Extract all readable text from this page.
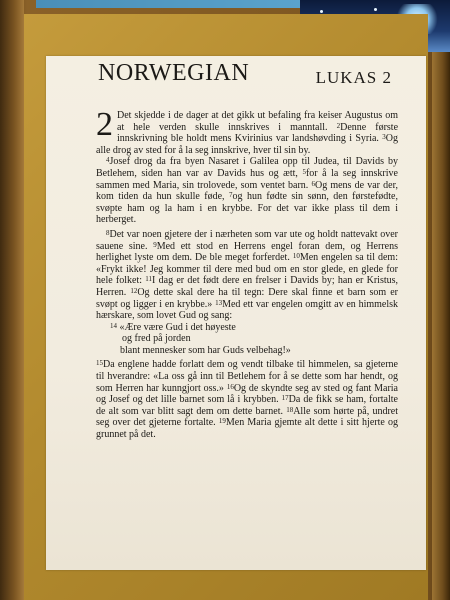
NORWEGIAN	LUKAS 2

2 Det skjedde i de dager at det gikk ut befaling fra keiser Augustus om at hele verden skulle innskrives i manntall. $^2$Denne første innskrivning ble holdt mens Kvirinius var landshøvding i Syria. $^3$Og alle drog av sted for å la seg innskrive, hver til sin by.

$^4$Josef drog da fra byen Nasaret i Galilea opp til Judea, til Davids by Betlehem, siden han var av Davids hus og ætt, $^5$for å la seg innskrive sammen med Maria, sin trolovede, som ventet barn. $^6$Og mens de var der, kom tiden da hun skulle føde, $^7$og hun fødte sin sønn, den førstefødte, svøpte ham og la ham i en krybbe. For det var ikke plass til dem i herberget.

$^8$Det var noen gjetere der i nærheten som var ute og holdt nattevakt over sauene sine. $^9$Med ett stod en Herrens engel foran dem, og Herrens herlighet lyste om dem. De ble meget forferdet. $^{10}$Men engelen sa til dem: «Frykt ikke! Jeg kommer til dere med bud om en stor glede, en glede for hele folket: $^{11}$I dag er det født dere en frelser i Davids by; han er Kristus, Herren. $^{12}$Og dette skal dere ha til tegn: Dere skal finne et barn som er svøpt og ligger i en krybbe.» $^{13}$Med ett var engelen omgitt av en himmelsk hærskare, som lovet Gud og sang:

$^{14}$ «Ære være Gud i det høyeste
og fred på jorden
blant mennesker som har Guds velbehag!»

$^{15}$Da englene hadde forlatt dem og vendt tilbake til himmelen, sa gjeterne til hverandre: «La oss gå inn til Betlehem for å se dette som har hendt, og som Herren har kunngjort oss.» $^{16}$Og de skyndte seg av sted og fant Maria og Josef og det lille barnet som lå i krybben. $^{17}$Da de fikk se ham, fortalte de alt som var blitt sagt dem om dette barnet. $^{18}$Alle som hørte på, undret seg over det gjeterne fortalte. $^{19}$Men Maria gjemte alt dette i sitt hjerte og grunnet på det.
